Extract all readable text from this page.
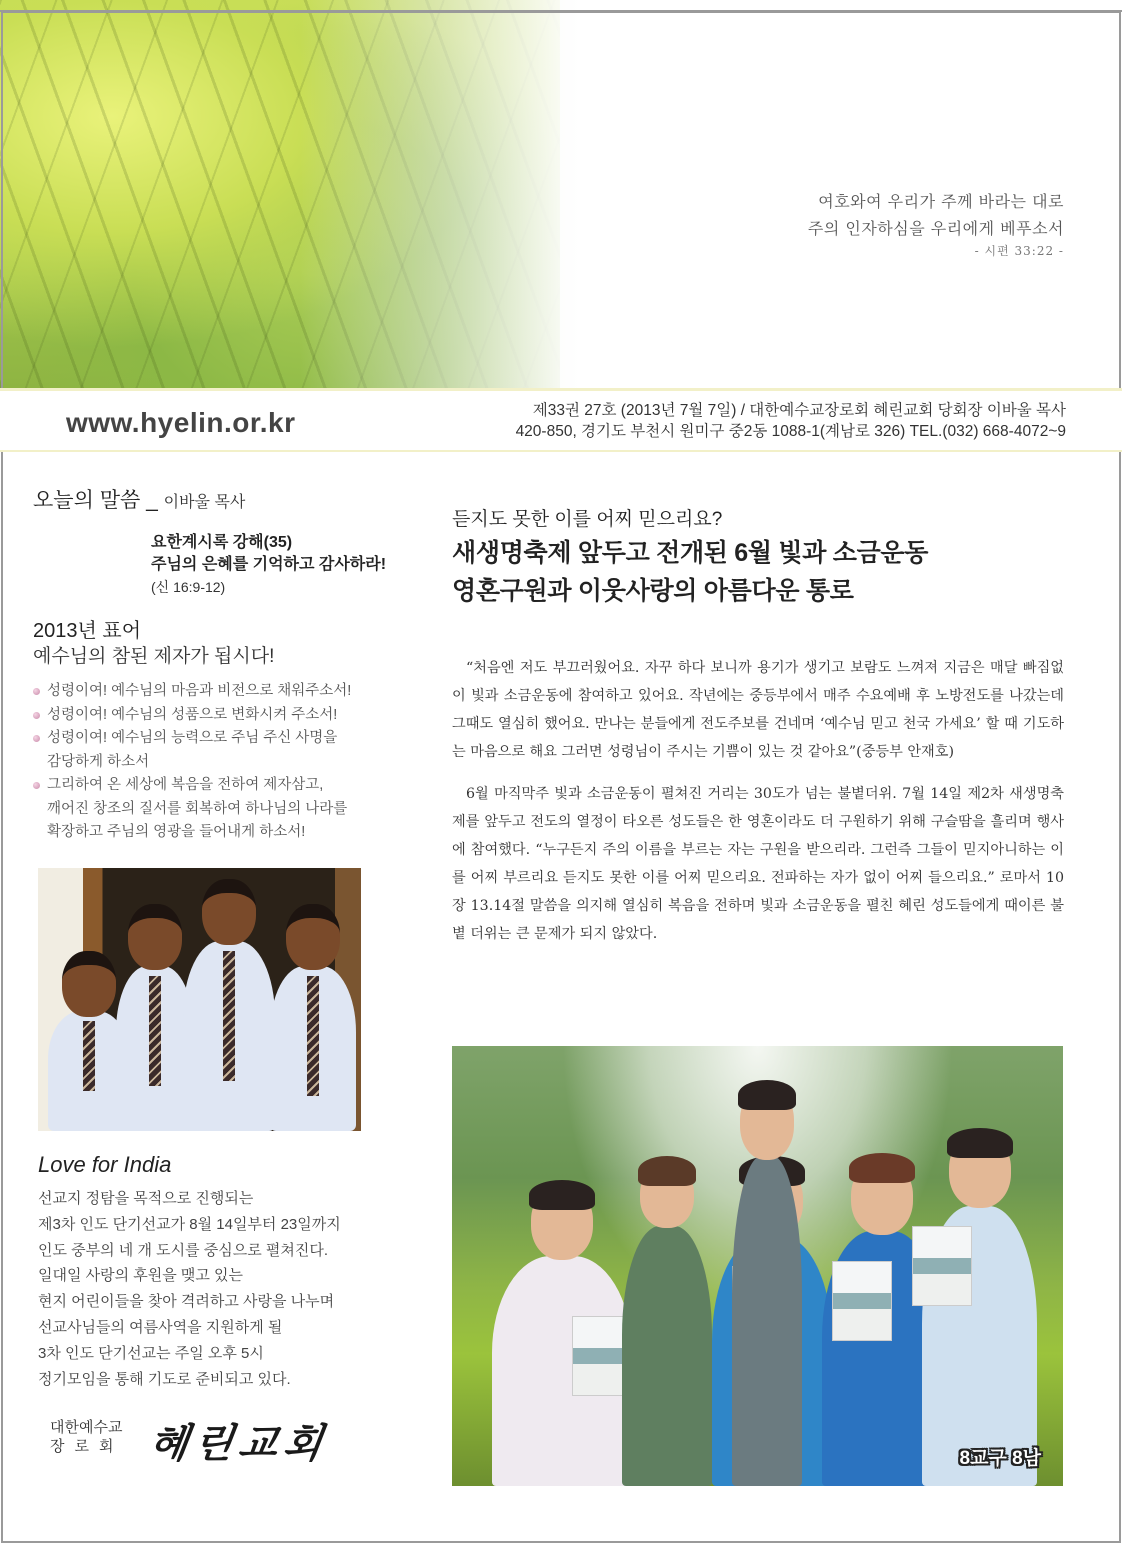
여호와여 우리가 주께 바라는 대로
주의 인자하심을 우리에게 베푸소서
- 시편 33:22 -
www.hyelin.or.kr	제33권 27호 (2013년 7월 7일) / 대한예수교장로회 혜린교회 당회장 이바울 목사
420-850, 경기도 부천시 원미구 중2동 1088-1(계남로 326) TEL.(032) 668-4072~9
오늘의 말씀 _ 이바울 목사
요한계시록 강해(35)
주님의 은혜를 기억하고 감사하라!
(신 16:9-12)
2013년 표어
예수님의 참된 제자가 됩시다!
성령이여! 예수님의 마음과 비전으로 채워주소서!
성령이여! 예수님의 성품으로 변화시켜 주소서!
성령이여! 예수님의 능력으로 주님 주신 사명을
감당하게 하소서
그리하여 온 세상에 복음을 전하여 제자삼고,
깨어진 창조의 질서를 회복하여 하나님의 나라를
확장하고 주님의 영광을 들어내게 하소서!
Love for India
선교지 정탐을 목적으로 진행되는
제3차 인도 단기선교가 8월 14일부터 23일까지
인도 중부의 네 개 도시를 중심으로 펼쳐진다.
일대일 사랑의 후원을 맺고 있는
현지 어린이들을 찾아 격려하고 사랑을 나누며
선교사님들의 여름사역을 지원하게 될
3차 인도 단기선교는 주일 오후 5시
정기모임을 통해 기도로 준비되고 있다.
대한예수교
장로회 혜린교회
듣지도 못한 이를 어찌 믿으리요?
새생명축제 앞두고 전개된 6월 빛과 소금운동
영혼구원과 이웃사랑의 아름다운 통로

“처음엔 저도 부끄러웠어요. 자꾸 하다 보니까 용기가 생기고 보람도 느껴져 지금은 매달 빠짐없이 빛과 소금운동에 참여하고 있어요. 작년에는 중등부에서 매주 수요예배 후 노방전도를 나갔는데 그때도 열심히 했어요. 만나는 분들에게 전도주보를 건네며 ‘예수님 믿고 천국 가세요’ 할 때 기도하는 마음으로 해요 그러면 성령님이 주시는 기쁨이 있는 것 같아요”(중등부 안재호)

6월 마직막주 빛과 소금운동이 펼쳐진 거리는 30도가 넘는 불볕더위. 7월 14일 제2차 새생명축제를 앞두고 전도의 열정이 타오른 성도들은 한 영혼이라도 더 구원하기 위해 구슬땀을 흘리며 행사에 참여했다. “누구든지 주의 이름을 부르는 자는 구원을 받으리라. 그런즉 그들이 믿지아니하는 이를 어찌 부르리요 듣지도 못한 이를 어찌 믿으리요. 전파하는 자가 없이 어찌 들으리요.” 로마서 10장 13.14절 말씀을 의지해 열심히 복음을 전하며 빛과 소금운동을 펼친 혜린 성도들에게 때이른 불볕 더위는 큰 문제가 되지 않았다.

8교구 8남
